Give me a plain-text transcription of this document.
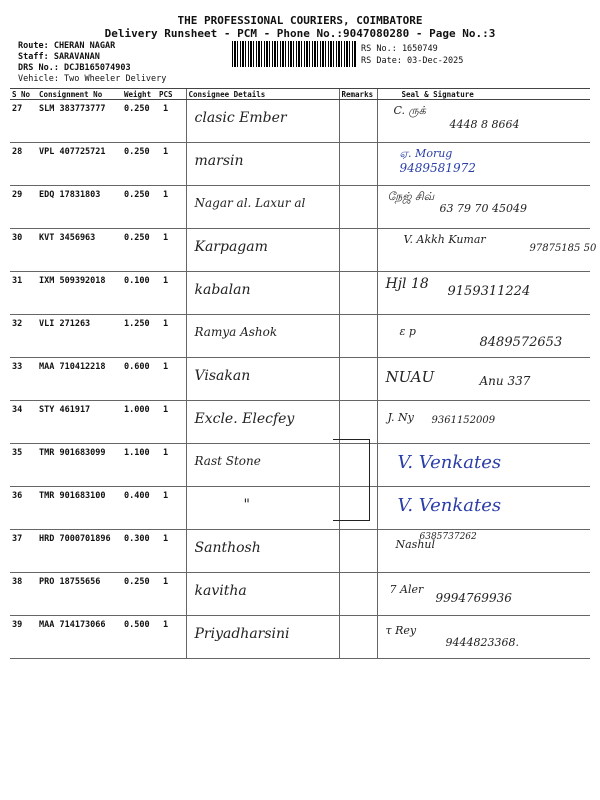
THE PROFESSIONAL COURIERS, COIMBATORE
Delivery Runsheet - PCM - Phone No.:9047080280 - Page No.:3
Route: CHERAN NAGAR
Staff: SARAVANAN
DRS No.: DCJB165074903
Vehicle: Two Wheeler Delivery
RS No.: 1650749
RS Date: 03-Dec-2025
S No	Consignment No	Weight	PCS	Consignee Details	Remarks	Seal & Signature
27	SLM 383773777	0.250	1	clasic Ember		C. ருக்
4448 8 8664

28	VPL 407725721	0.250	1	marsin		ஏ. Morug
9489581972

29	EDQ 17831803	0.250	1	Nagar al. Laxur al		நேஜ் சிவ்
63 79 70 45049

30	KVT 3456963	0.250	1	Karpagam		V. Akkh Kumar
97875185 50

31	IXM 509392018	0.100	1	kabalan		Hjl 18 9159311224

32	VLI 271263	1.250	1	Ramya Ashok		ε p
8489572653

33	MAA 710412218	0.600	1	Visakan		NUAU Anu 337

34	STY 461917	1.000	1	Excle. Elecfey		J. Ny 9361152009

35	TMR 901683099	1.100	1	Rast Stone		V. Venkates

36	TMR 901683100	0.400	1	"		V. Venkates

37	HRD 7000701896	0.300	1	Santhosh		Nashul
6385737262

38	PRO 18755656	0.250	1	kavitha		7 Aler
9994769936

39	MAA 714173066	0.500	1	Priyadharsini		τ Rey
9444823368.
